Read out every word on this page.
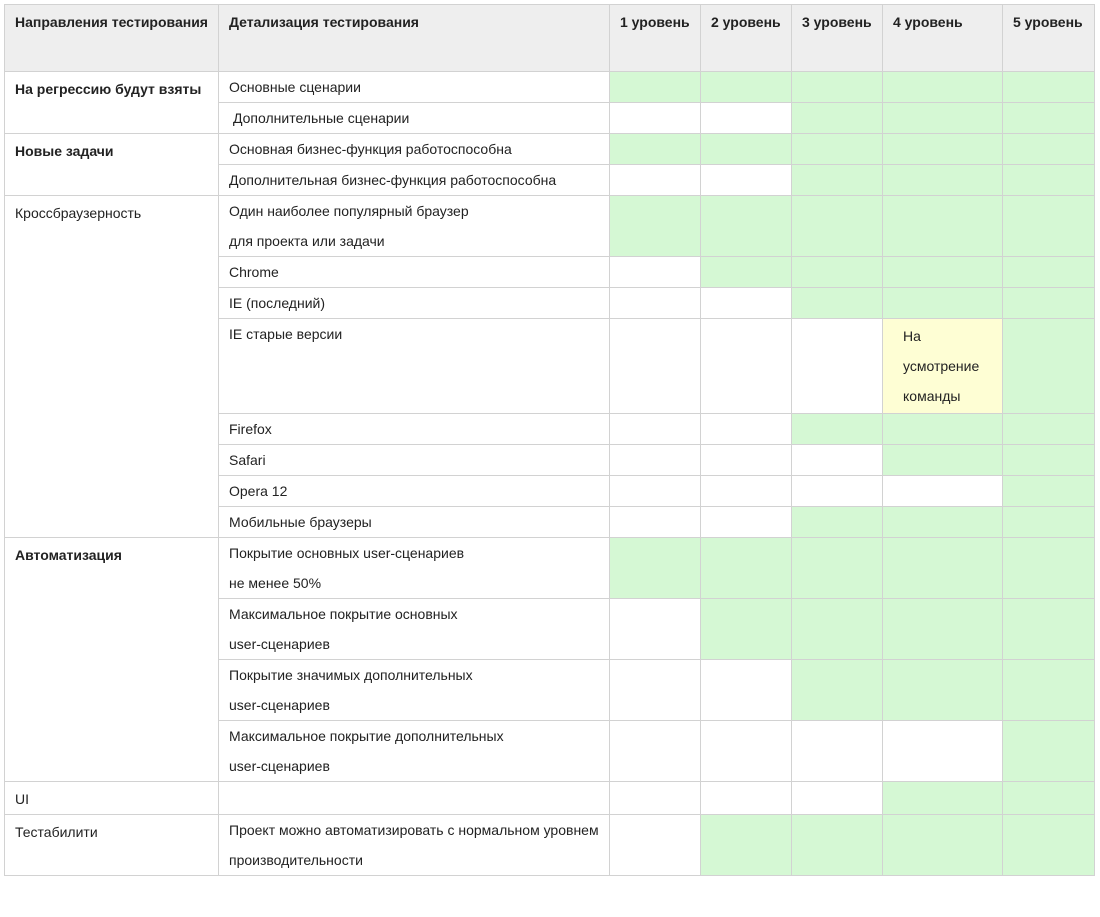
Направления тестирования	Детализация тестирования	1 уровень	2 уровень	3 уровень	4 уровень	5 уровень
На регрессию будут взяты	Основные сценарии					

	Дополнительные сценарии					

Новые задачи	Основная бизнес-функция работоспособна					

	Дополнительная бизнес-функция работоспособна					

Кроссбраузерность	Один наиболее популярный браузер
для проекта или задачи					

	Chrome					

	IE (последний)					

	IE старые версии				На усмотрение команды	

	Firefox					

	Safari					

	Opera 12					

	Мобильные браузеры					

Автоматизация	Покрытие основных user-сценариев
не менее 50%					

	Максимальное покрытие основных
user-сценариев					

	Покрытие значимых дополнительных
user-сценариев					

	Максимальное покрытие дополнительных
user-сценариев					

UI						
Тестабилити	Проект можно автоматизировать с нормальном уровнем
производительности					
